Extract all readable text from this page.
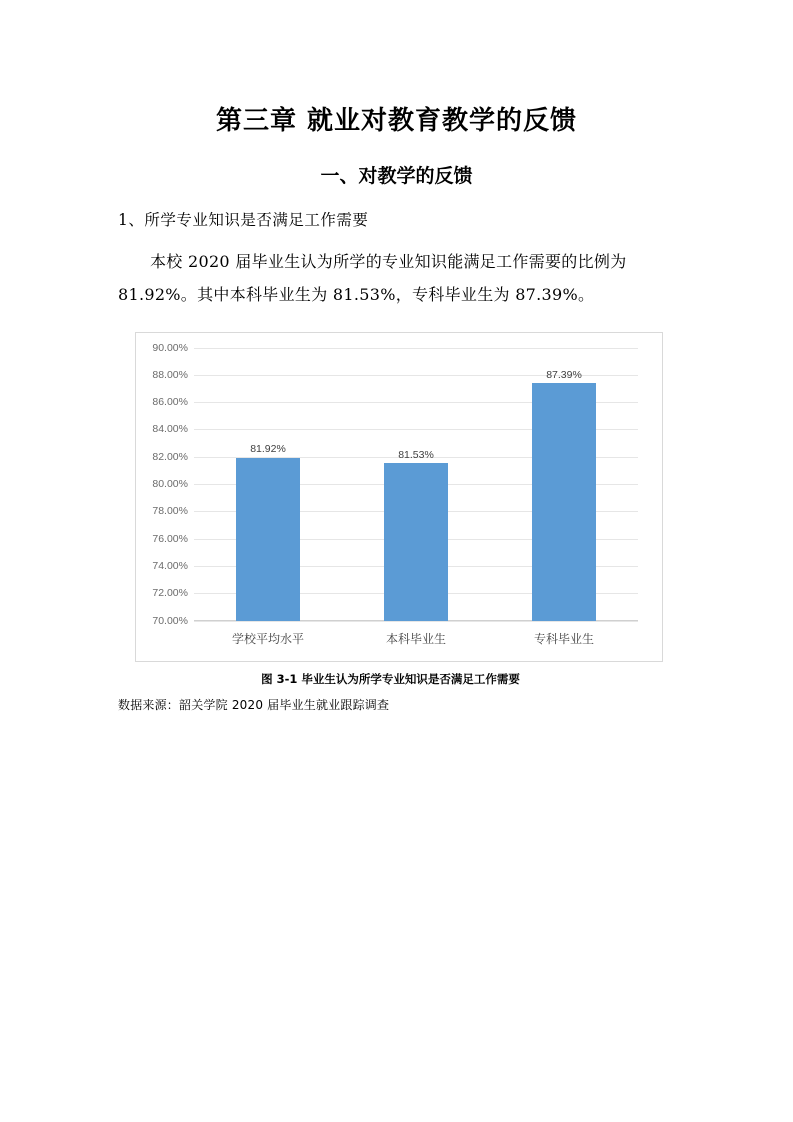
第三章 就业对教育教学的反馈
一、对教学的反馈

1、所学专业知识是否满足工作需要

本校 2020 届毕业生认为所学的专业知识能满足工作需要的比例为 81.92%。其中本科毕业生为 81.53%，专科毕业生为 87.39%。

90.00%
88.00%
86.00%
84.00%
82.00%
80.00%
78.00%
76.00%
74.00%
72.00%
70.00%
81.92%	81.53%
87.39%
学校平均水平	本科毕业生	专科毕业生

图 3-1 毕业生认为所学专业知识是否满足工作需要

数据来源：韶关学院 2020 届毕业生就业跟踪调查
